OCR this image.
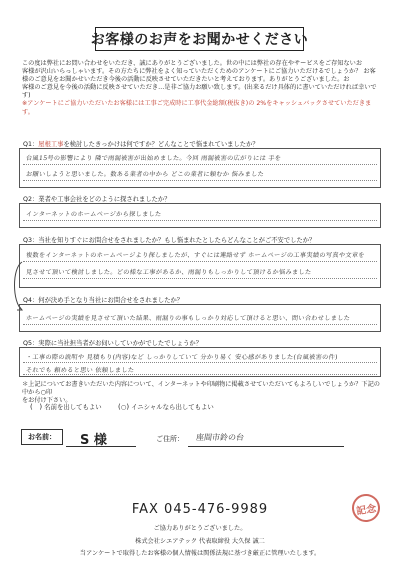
お客様のお声をお聞かせください

この度は弊社にお問い合わせをいただき、誠にありがとうございました。世の中には弊社の存在やサービスをご存知ないお

客様が沢山いらっしゃいます。その方たちに弊社をよく知っていただくためのアンケートにご協力いただけるでしょうか？ お客

様のご意見をお聞かせいただき今後の活動に反映させていただきたいと考えております。ありがとうございました。お

客様のご意見を今後の活動に反映させていただき…是非ご協力お願い致します。(出来るだけ具体的に書いていただければ幸いです)

※アンケートにご協力いただいたお客様には工事ご完成時に工事代金総額(税抜き)の 2%をキャッシュバックさせていただきます。

Q1：屋根工事を検討したきっかけは何ですか？どんなことで悩まれていましたか？
台風15号の影響により 隣で雨漏被害が出始めました。今回 雨漏被害の広がりには 手を
お願いしようと思いました。数ある業者の中から どこの業者に頼むか 悩みました
Q2：業者や工事会社をどのように探されましたか？
インターネットのホームページから探しました
Q3：当社を知りすぐにお問合せをされましたか？もし悩まれたとしたらどんなことがご不安でしたか？
複数をインターネットのホームページより探しましたが、すぐには連絡せず ホームページの工事実績の写真や文章を
見させて頂いて検討しました。どの様な工事があるか、雨漏りもしっかりして頂けるか悩みました
Q4：何が決め手となり当社にお問合せをされましたか？
ホームページの実績を見させて頂いた結果、雨漏りの事もしっかり対応して頂けると思い、問い合わせしました
Q5：実際に当社担当者がお伺いしていかがでしたでしょうか？
・工事の際の説明や 見積もり(内容)など しっかりしていて 分かり易く 安心感がありました(台風被害の件)
それでも 頼めると思い 依頼しました
＊上記についてお書きいただいた内容について、インターネットや印刷物に掲載させていただいてもよろしいでしょうか？下記の中から○印
をお付け下さい。
(   ) 名前を出してもよい (○) イニシャルなら出してもよい
お名前：	S 様	ご住所： 座間市鈴の台
記念
FAX 045-476-9989
ご協力ありがとうございました。
株式会社シエアテック 代表取締役 大久保 誠二
当アンケートで取得したお客様の個人情報は関係法規に基づき厳正に管理いたします。
